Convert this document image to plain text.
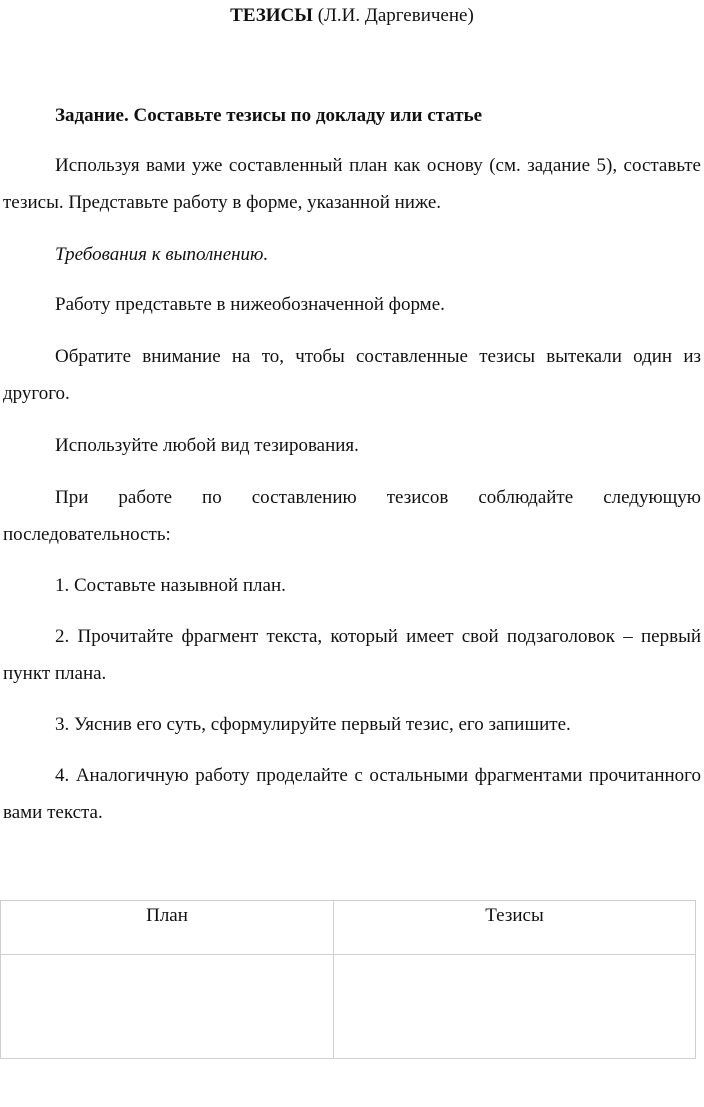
ТЕЗИСЫ (Л.И. Даргевичене)

Задание. Составьте тезисы по докладу или статье

Используя вами уже составленный план как основу (см. задание 5), составьте тезисы. Представьте работу в форме, указанной ниже.

Требования к выполнению.

Работу представьте в нижеобозначенной форме.

Обратите внимание на то, чтобы составленные тезисы вытекали один из другого.

Используйте любой вид тезирования.

При работе по составлению тезисов соблюдайте следующую последовательность:

1. Составьте назывной план.

2. Прочитайте фрагмент текста, который имеет свой подзаголовок – первый пункт плана.

3. Уяснив его суть, сформулируйте первый тезис, его запишите.

4. Аналогичную работу проделайте с остальными фрагментами прочитанного вами текста.

План	Тезисы
